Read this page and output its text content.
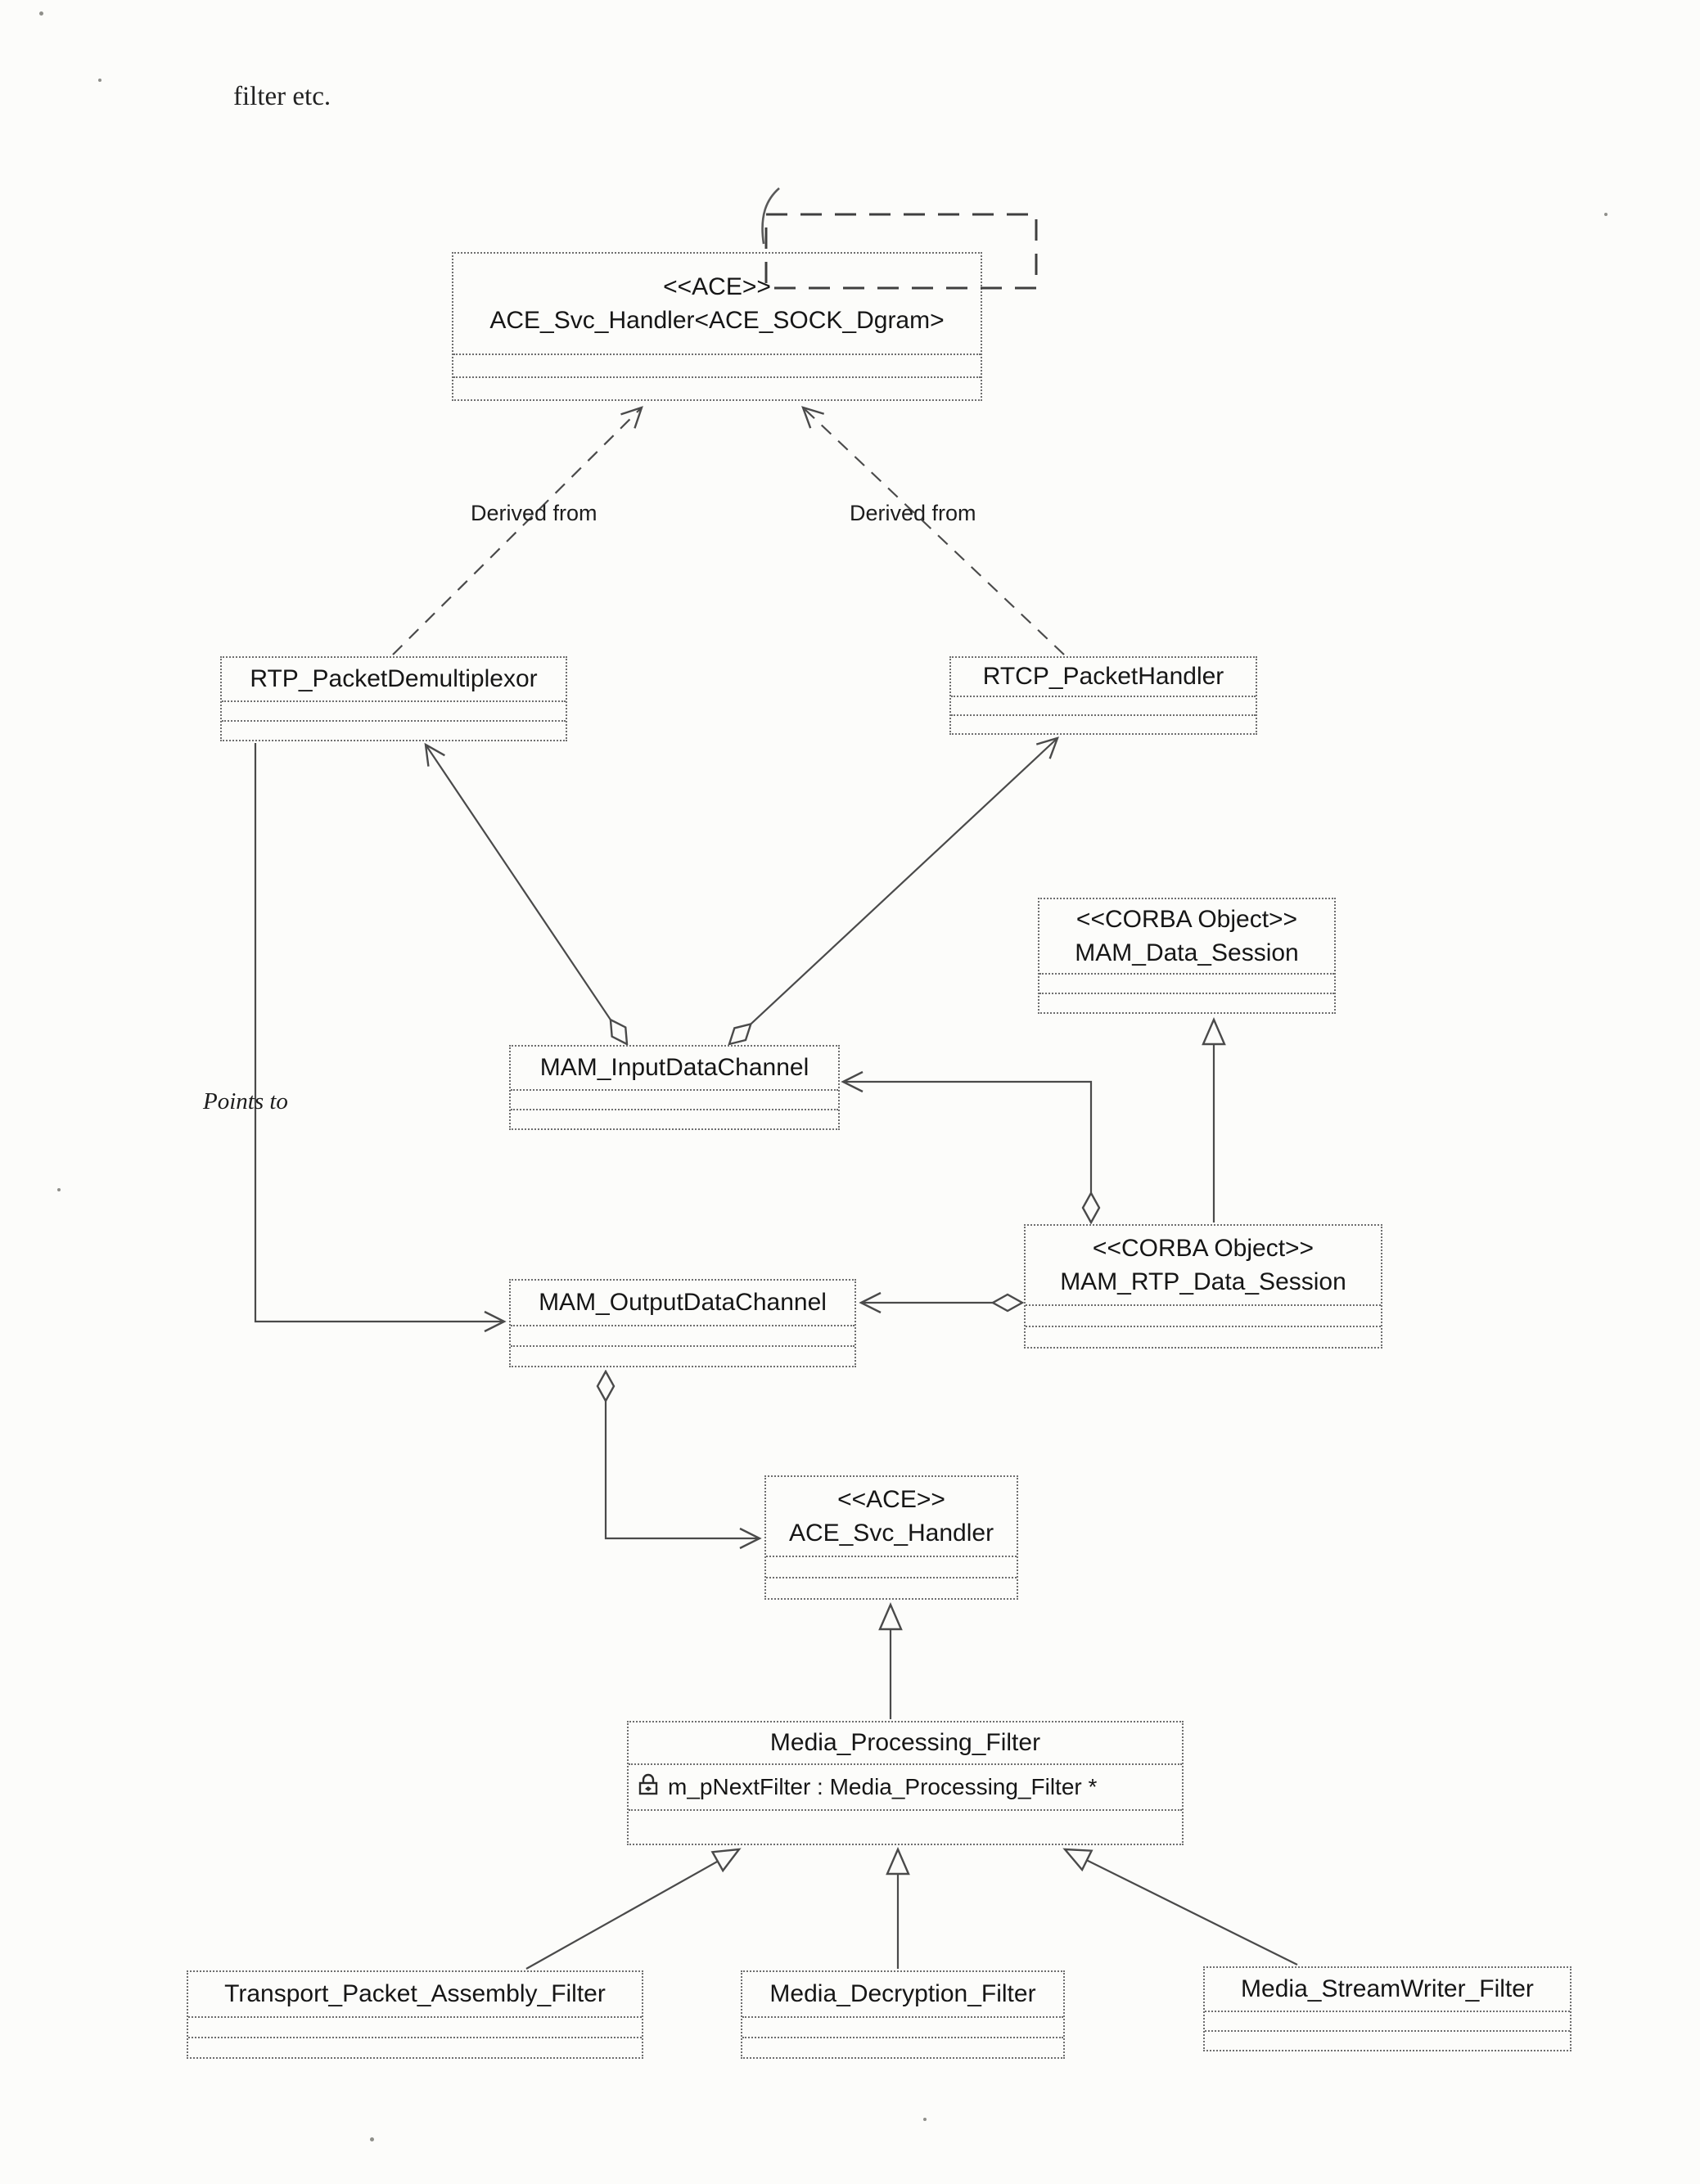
filter etc.
Derived from	Derived from
Points to
<<ACE>>
ACE_Svc_Handler<ACE_SOCK_Dgram>
RTP_PacketDemultiplexor	RTCP_PacketHandler
<<CORBA Object>>
MAM_Data_Session
MAM_InputDataChannel
<<CORBA Object>>
MAM_RTP_Data_Session
MAM_OutputDataChannel
<<ACE>>
ACE_Svc_Handler
Media_Processing_Filter
m_pNextFilter : Media_Processing_Filter *
Transport_Packet_Assembly_Filter	Media_Decryption_Filter	Media_StreamWriter_Filter
